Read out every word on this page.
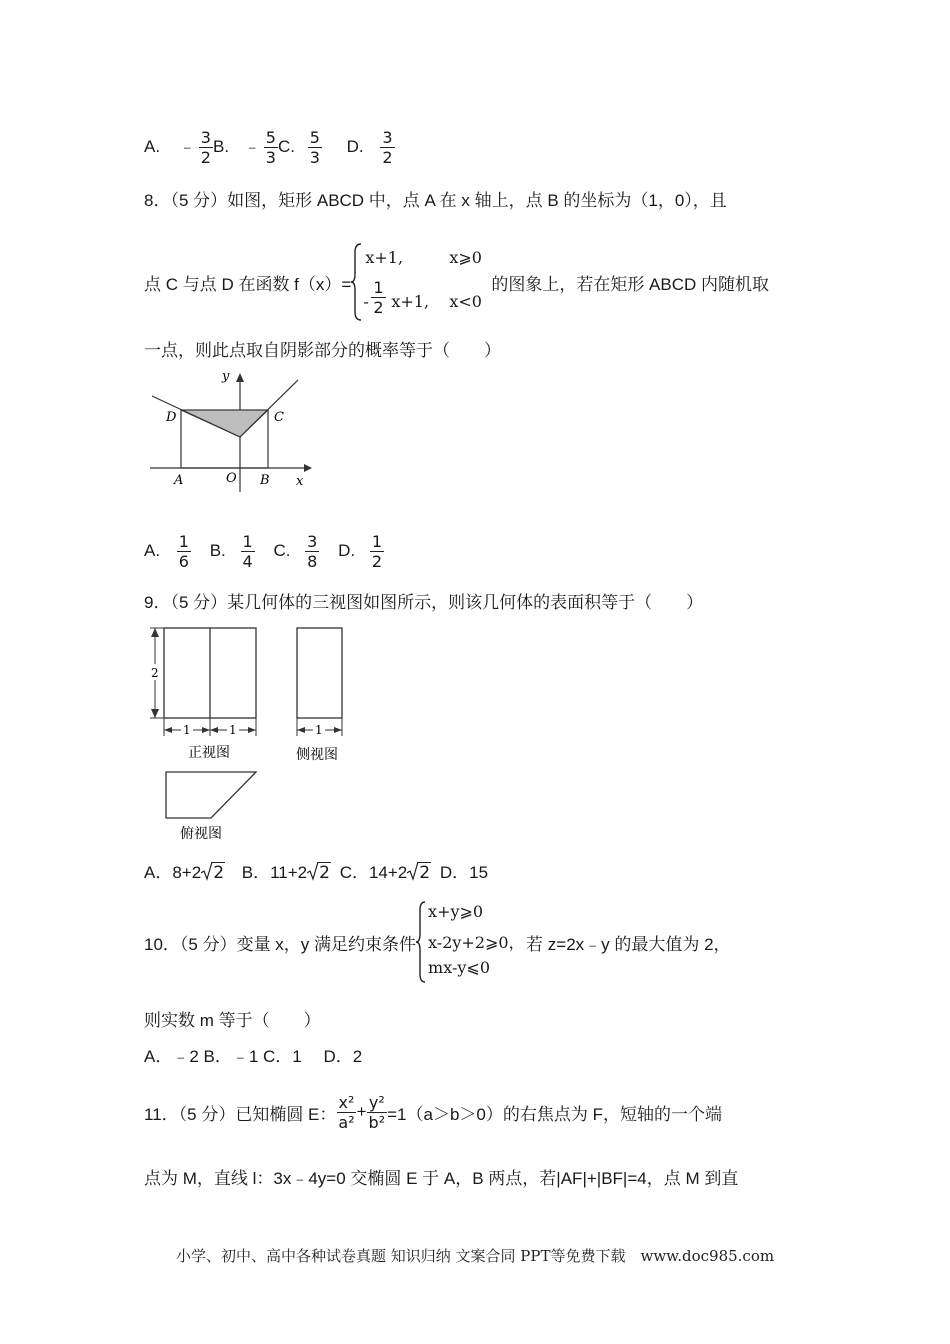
A. ﹣ $\frac{3}{2} B$. ﹣ $\frac{5}{3} C$. $\frac{5}{3} D$. $\frac{3}{2}$
8．（5 分）如图，矩形 ABCD 中，点 A 在 x 轴上，点 B 的坐标为（1，0），且
点 C 与点 D 在函数 f（x）=
x+1,	x⩾0
- $\frac{1}{2} x+1$, x<0
的图象上，若在矩形 ABCD 内随机取
一点，则此点取自阴影部分的概率等于（　　）
y
D	C
A	O B x
A. $\frac{1}{6} B$. $\frac{1}{4} C$. $\frac{3}{8} D$. $\frac{1}{2}$
9．（5 分）某几何体的三视图如图所示，则该几何体的表面积等于（　　）
2
1	1
正视图
1
侧视图
俯视图
A．8+2 2 B．11+2 2 C．14+2 2 D．15
10．（5 分）变量 x，y 满足约束条件
x+y⩾0
x-2y+2⩾0，
mx-y⩽0
若 z=2x﹣y 的最大值为 2，
则实数 m 等于（　　）
A．﹣2 B．﹣1 C．1　 D．2
11．（5 分）已知椭圆 E： $\frac{\text{x²}}{\text{a²}} + \frac{\text{y²}}{\text{b²}} =1(a>b>0)$的右焦点为 F，短轴的一个端
点为 M，直线 l：3x﹣4y=0 交椭圆 E 于 A，B 两点，若|AF|+|BF|=4，点 M 到直
小学、初中、高中各种试卷真题 知识归纳 文案合同 PPT等免费下载　www.doc985.com
